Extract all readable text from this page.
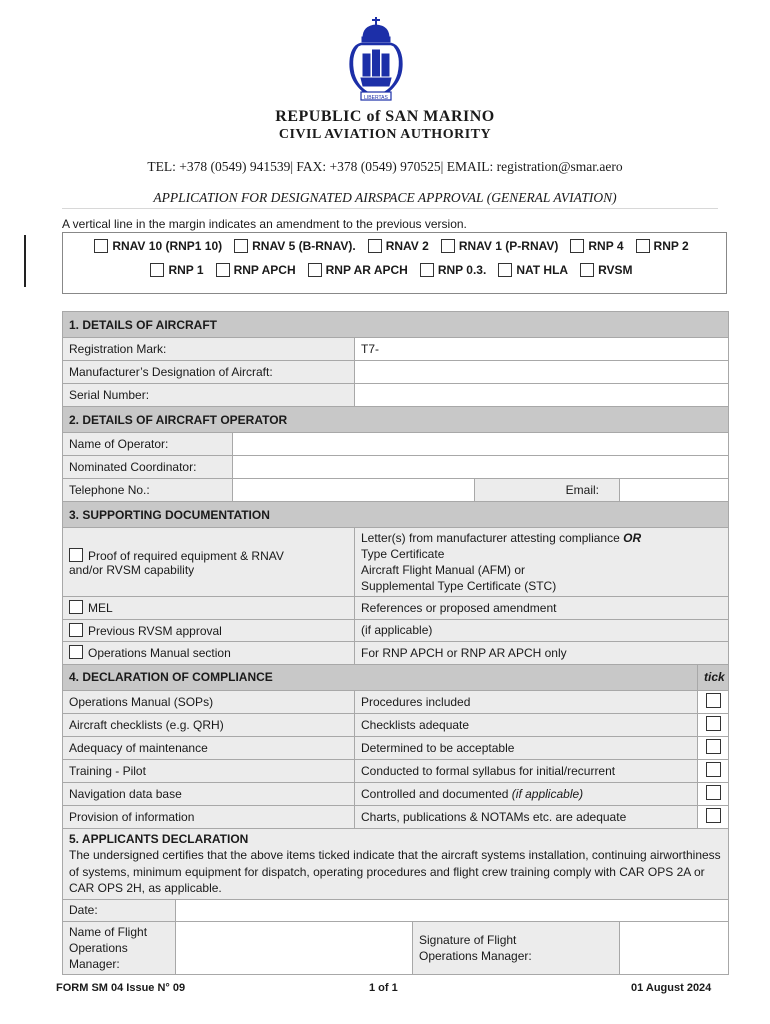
LIBERTAS
REPUBLIC of SAN MARINO
CIVIL AVIATION AUTHORITY
TEL: +378 (0549) 941539| FAX: +378 (0549) 970525| EMAIL: registration@smar.aero
APPLICATION FOR DESIGNATED AIRSPACE APPROVAL (GENERAL AVIATION)
A vertical line in the margin indicates an amendment to the previous version.
RNAV 10 (RNP1 10)	RNAV 5 (B-RNAV).	RNAV 2	RNAV 1 (P-RNAV)	RNP 4	RNP 2
RNP 1	RNP APCH	RNP AR APCH	RNP 0.3.	NAT HLA	RVSM
1. DETAILS OF AIRCRAFT							
Registration Mark:			T7-				
Manufacturer’s Designation of Aircraft:							
Serial Number:							
2. DETAILS OF AIRCRAFT OPERATOR							
Name of Operator:							
Nominated Coordinator:							
Telephone No.:					Email:		
3. SUPPORTING DOCUMENTATION							
Proof of required equipment & RNAV
and/or RVSM capability			Letter(s) from manufacturer attesting compliance OR
Type Certificate
Aircraft Flight Manual (AFM) or
Supplemental Type Certificate (STC)				
MEL			References or proposed amendment				
Previous RVSM approval			(if applicable)				
Operations Manual section			For RNP APCH or RNP AR APCH only				
4. DECLARATION OF COMPLIANCE							tick
Operations Manual (SOPs)			Procedures included				
Aircraft checklists (e.g. QRH)			Checklists adequate				
Adequacy of maintenance			Determined to be acceptable				
Training - Pilot			Conducted to formal syllabus for initial/recurrent				
Navigation data base			Controlled and documented (if applicable)				
Provision of information			Charts, publications & NOTAMs etc. are adequate				

5. APPLICANTS DECLARATION
The undersigned certifies that the above items ticked indicate that the aircraft systems installation, continuing airworthiness of systems, minimum equipment for dispatch, operating procedures and flight crew training comply with CAR OPS 2A or CAR OPS 2H, as applicable.							

Date:							
Name of Flight
Operations Manager:				Signature of Flight
Operations Manager:			
FORM SM 04 Issue N° 09	1 of 1	01 August 2024
